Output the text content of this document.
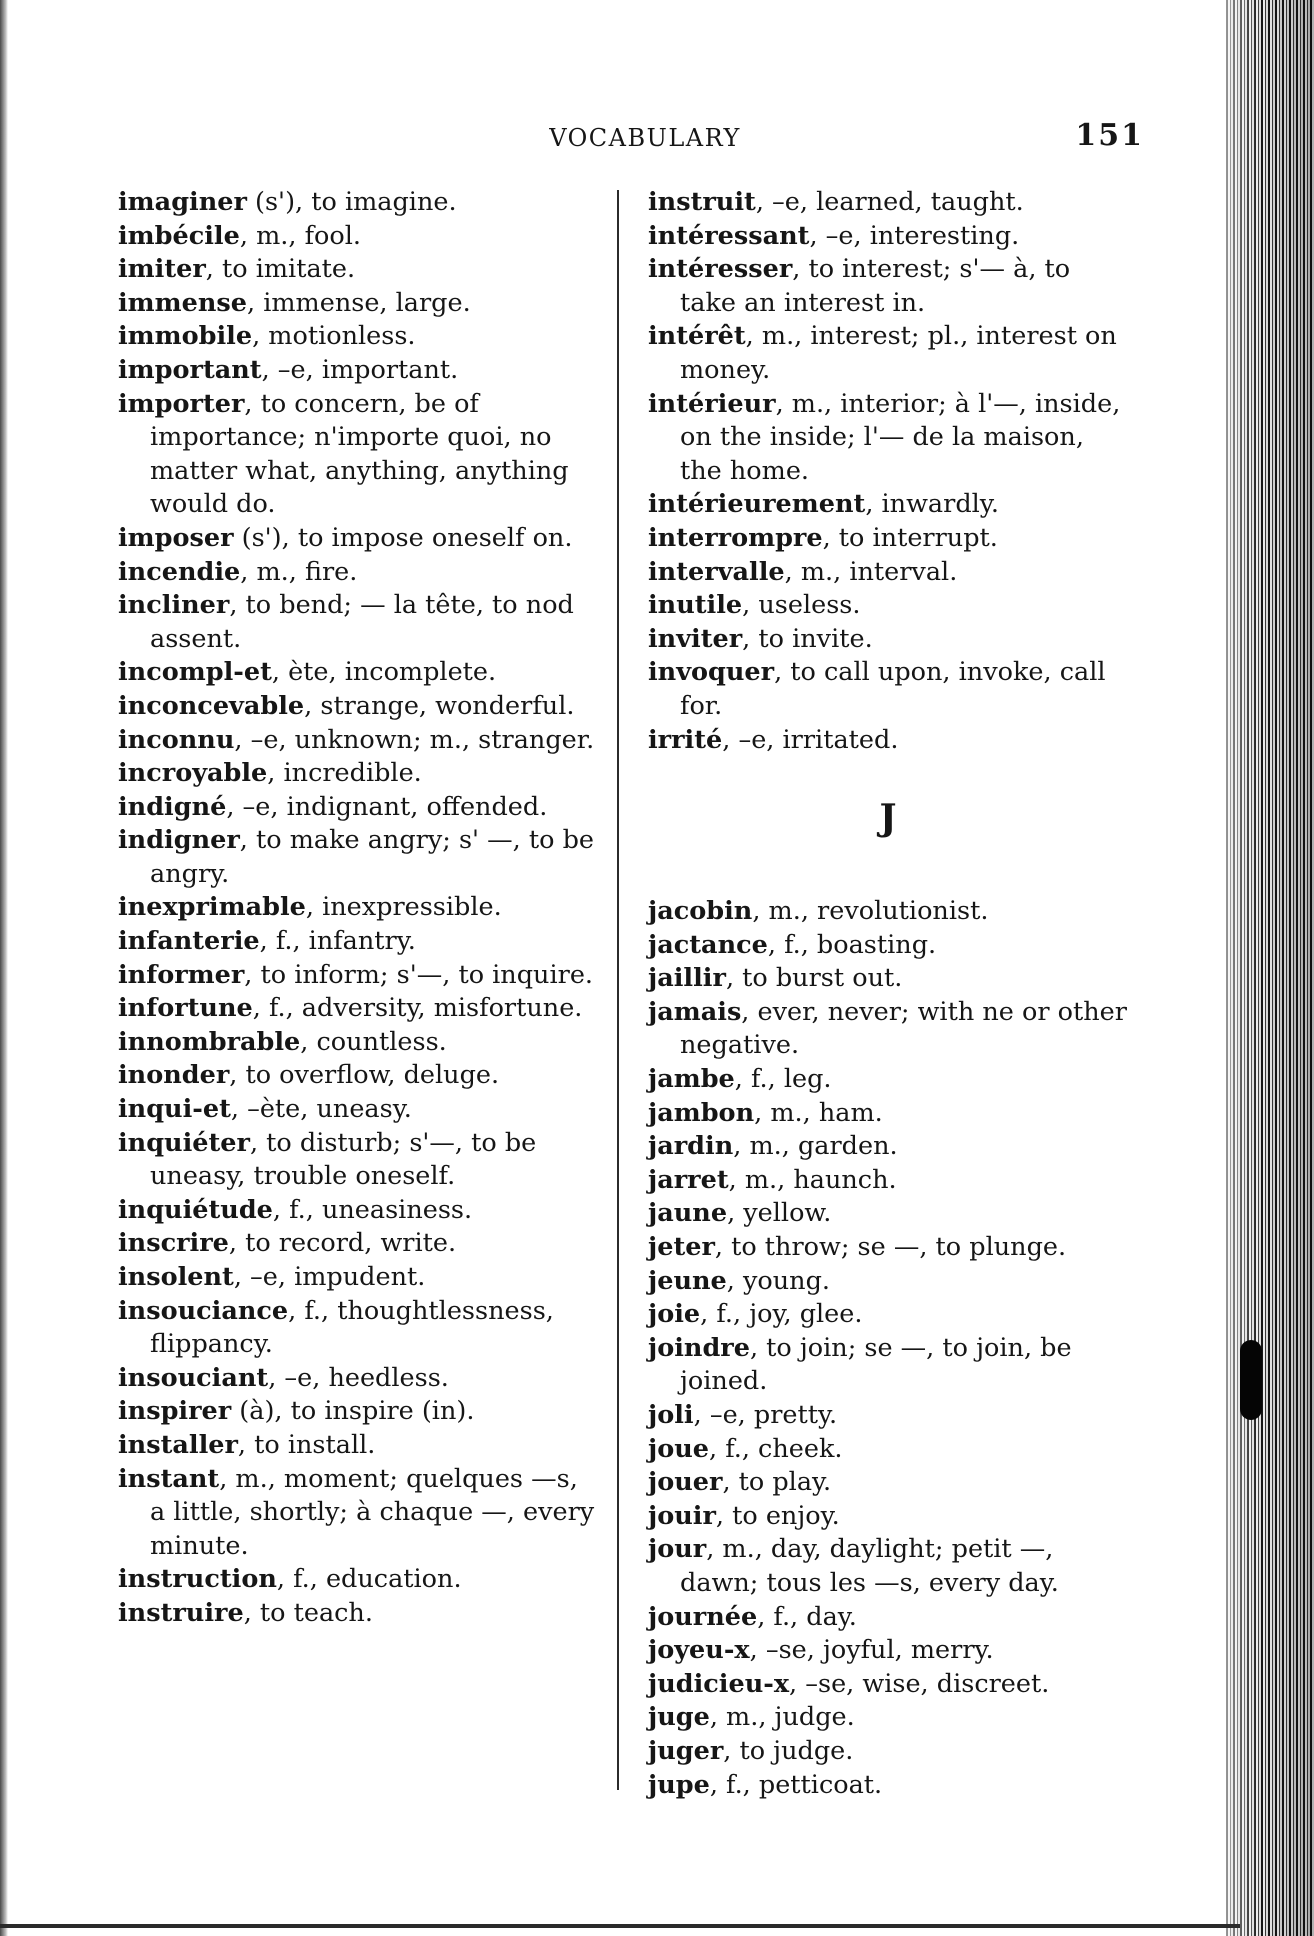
VOCABULARY	151

imaginer (s'), to imagine.

imbécile, m., fool.

imiter, to imitate.

immense, immense, large.

immobile, motionless.

important, –e, important.

importer, to concern, be of importance; n'importe quoi, no matter what, anything, anything would do.

imposer (s'), to impose oneself on.

incendie, m., fire.

incliner, to bend; — la tête, to nod assent.

incompl-et, ète, incomplete.

inconcevable, strange, wonderful.

inconnu, –e, unknown; m., stranger.

incroyable, incredible.

indigné, –e, indignant, offended.

indigner, to make angry; s' —, to be angry.

inexprimable, inexpressible.

infanterie, f., infantry.

informer, to inform; s'—, to inquire.

infortune, f., adversity, misfortune.

innombrable, countless.

inonder, to overflow, deluge.

inqui-et, –ète, uneasy.

inquiéter, to disturb; s'—, to be uneasy, trouble oneself.

inquiétude, f., uneasiness.

inscrire, to record, write.

insolent, –e, impudent.

insouciance, f., thoughtlessness, flippancy.

insouciant, –e, heedless.

inspirer (à), to inspire (in).

installer, to install.

instant, m., moment; quelques —s, a little, shortly; à chaque —, every minute.

instruction, f., education.

instruire, to teach.

instruit, –e, learned, taught.

intéressant, –e, interesting.

intéresser, to interest; s'— à, to take an interest in.

intérêt, m., interest; pl., interest on money.

intérieur, m., interior; à l'—, inside, on the inside; l'— de la maison, the home.

intérieurement, inwardly.

interrompre, to interrupt.

intervalle, m., interval.

inutile, useless.

inviter, to invite.

invoquer, to call upon, invoke, call for.

irrité, –e, irritated.

J

jacobin, m., revolutionist.

jactance, f., boasting.

jaillir, to burst out.

jamais, ever, never; with ne or other negative.

jambe, f., leg.

jambon, m., ham.

jardin, m., garden.

jarret, m., haunch.

jaune, yellow.

jeter, to throw; se —, to plunge.

jeune, young.

joie, f., joy, glee.

joindre, to join; se —, to join, be joined.

joli, –e, pretty.

joue, f., cheek.

jouer, to play.

jouir, to enjoy.

jour, m., day, daylight; petit —, dawn; tous les —s, every day.

journée, f., day.

joyeu-x, –se, joyful, merry.

judicieu-x, –se, wise, discreet.

juge, m., judge.

juger, to judge.

jupe, f., petticoat.
